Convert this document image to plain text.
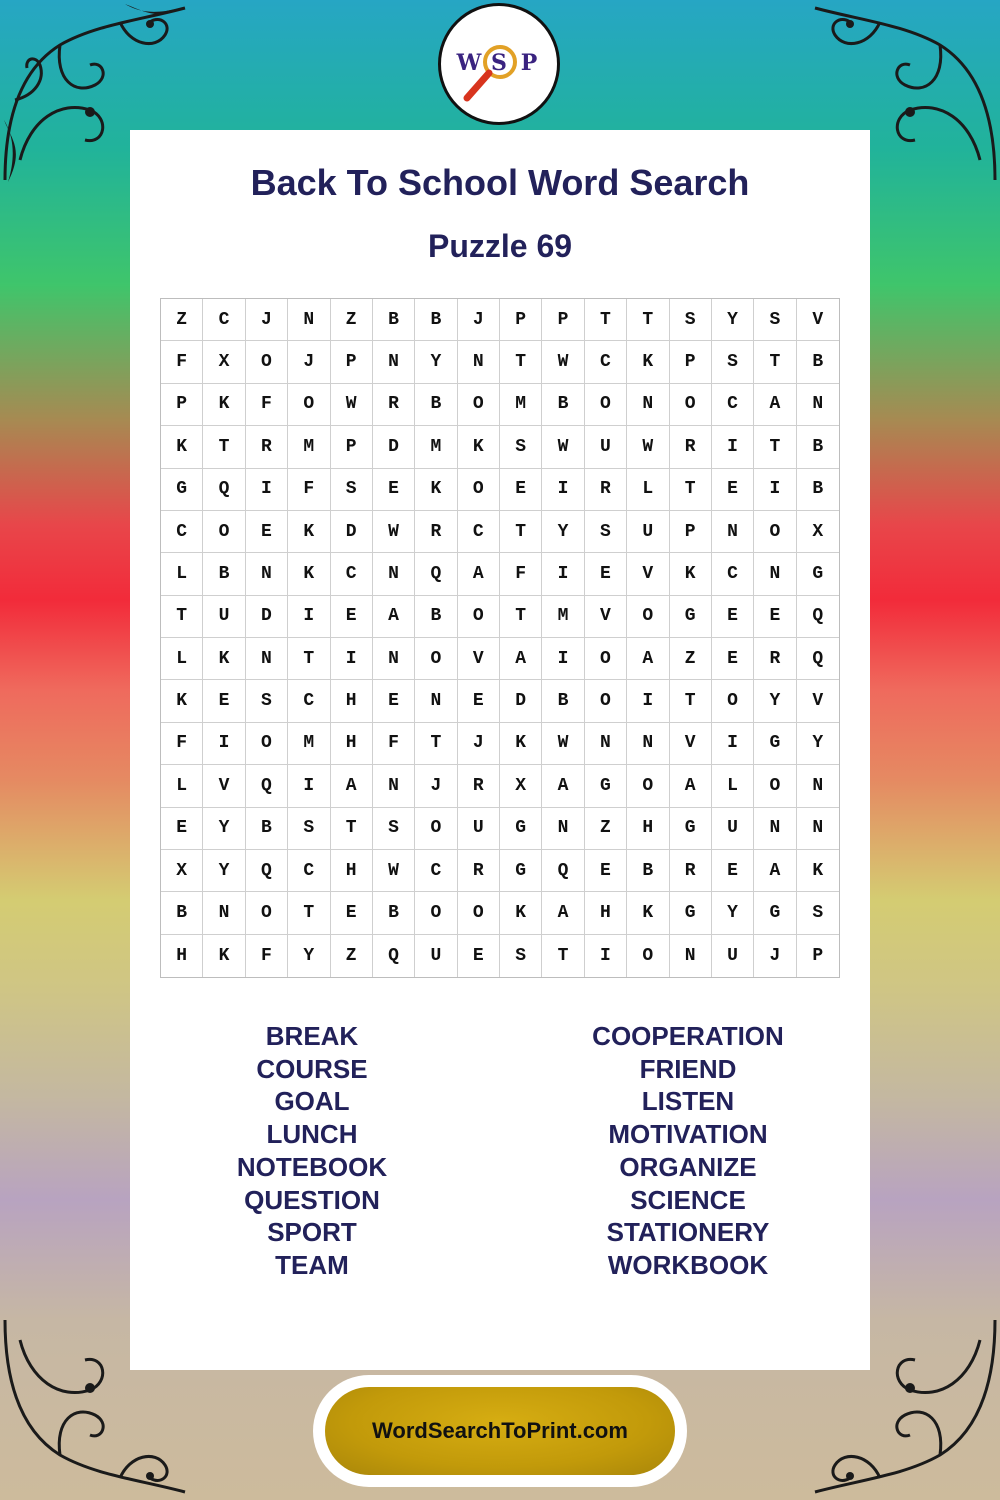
W S P
Back To School Word Search
Puzzle 69
Z	C	J	N	Z	B	B	J	P	P	T	T	S	Y	S	V
F	X	O	J	P	N	Y	N	T	W	C	K	P	S	T	B
P	K	F	O	W	R	B	O	M	B	O	N	O	C	A	N
K	T	R	M	P	D	M	K	S	W	U	W	R	I	T	B
G	Q	I	F	S	E	K	O	E	I	R	L	T	E	I	B
C	O	E	K	D	W	R	C	T	Y	S	U	P	N	O	X
L	B	N	K	C	N	Q	A	F	I	E	V	K	C	N	G
T	U	D	I	E	A	B	O	T	M	V	O	G	E	E	Q
L	K	N	T	I	N	O	V	A	I	O	A	Z	E	R	Q
K	E	S	C	H	E	N	E	D	B	O	I	T	O	Y	V
F	I	O	M	H	F	T	J	K	W	N	N	V	I	G	Y
L	V	Q	I	A	N	J	R	X	A	G	O	A	L	O	N
E	Y	B	S	T	S	O	U	G	N	Z	H	G	U	N	N
X	Y	Q	C	H	W	C	R	G	Q	E	B	R	E	A	K
B	N	O	T	E	B	O	O	K	A	H	K	G	Y	G	S
H	K	F	Y	Z	Q	U	E	S	T	I	O	N	U	J	P
BREAK
COURSE
GOAL
LUNCH
NOTEBOOK
QUESTION
SPORT
TEAM
COOPERATION
FRIEND
LISTEN
MOTIVATION
ORGANIZE
SCIENCE
STATIONERY
WORKBOOK
WordSearchToPrint.com
